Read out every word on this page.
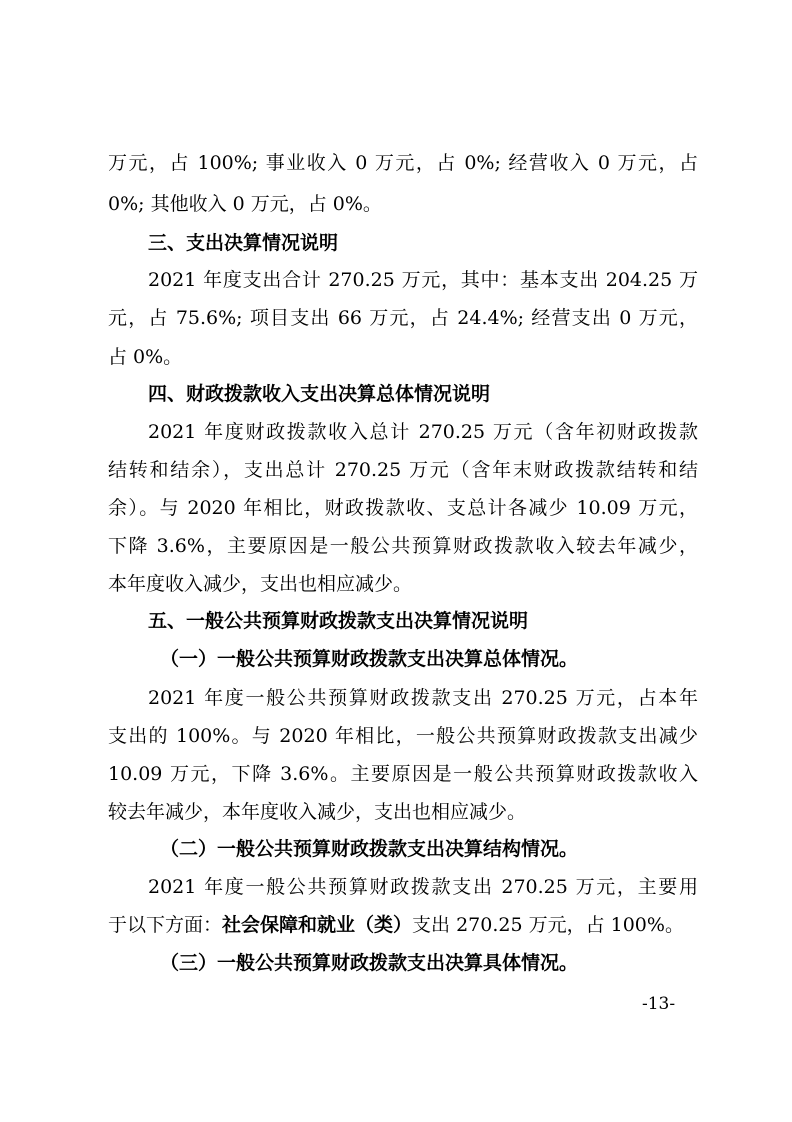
万元，占 100%; 事业收入 0 万元，占 0%; 经营收入 0 万元，占
0%; 其他收入 0 万元，占 0%。
三、支出决算情况说明
2021 年度支出合计 270.25 万元，其中：基本支出 204.25 万
元，占 75.6%; 项目支出 66 万元，占 24.4%; 经营支出 0 万元，
占 0%。
四、财政拨款收入支出决算总体情况说明
2021 年度财政拨款收入总计 270.25 万元（含年初财政拨款
结转和结余），支出总计 270.25 万元（含年末财政拨款结转和结
余）。与 2020 年相比，财政拨款收、支总计各减少 10.09 万元，
下降 3.6%，主要原因是一般公共预算财政拨款收入较去年减少，
本年度收入减少，支出也相应减少。
五、一般公共预算财政拨款支出决算情况说明
（一）一般公共预算财政拨款支出决算总体情况。
2021 年度一般公共预算财政拨款支出 270.25 万元，占本年
支出的 100%。与 2020 年相比，一般公共预算财政拨款支出减少
10.09 万元，下降 3.6%。主要原因是一般公共预算财政拨款收入
较去年减少，本年度收入减少，支出也相应减少。
（二）一般公共预算财政拨款支出决算结构情况。
2021 年度一般公共预算财政拨款支出 270.25 万元，主要用
于以下方面：社会保障和就业（类）支出 270.25 万元，占 100%。
（三）一般公共预算财政拨款支出决算具体情况。
-13-
